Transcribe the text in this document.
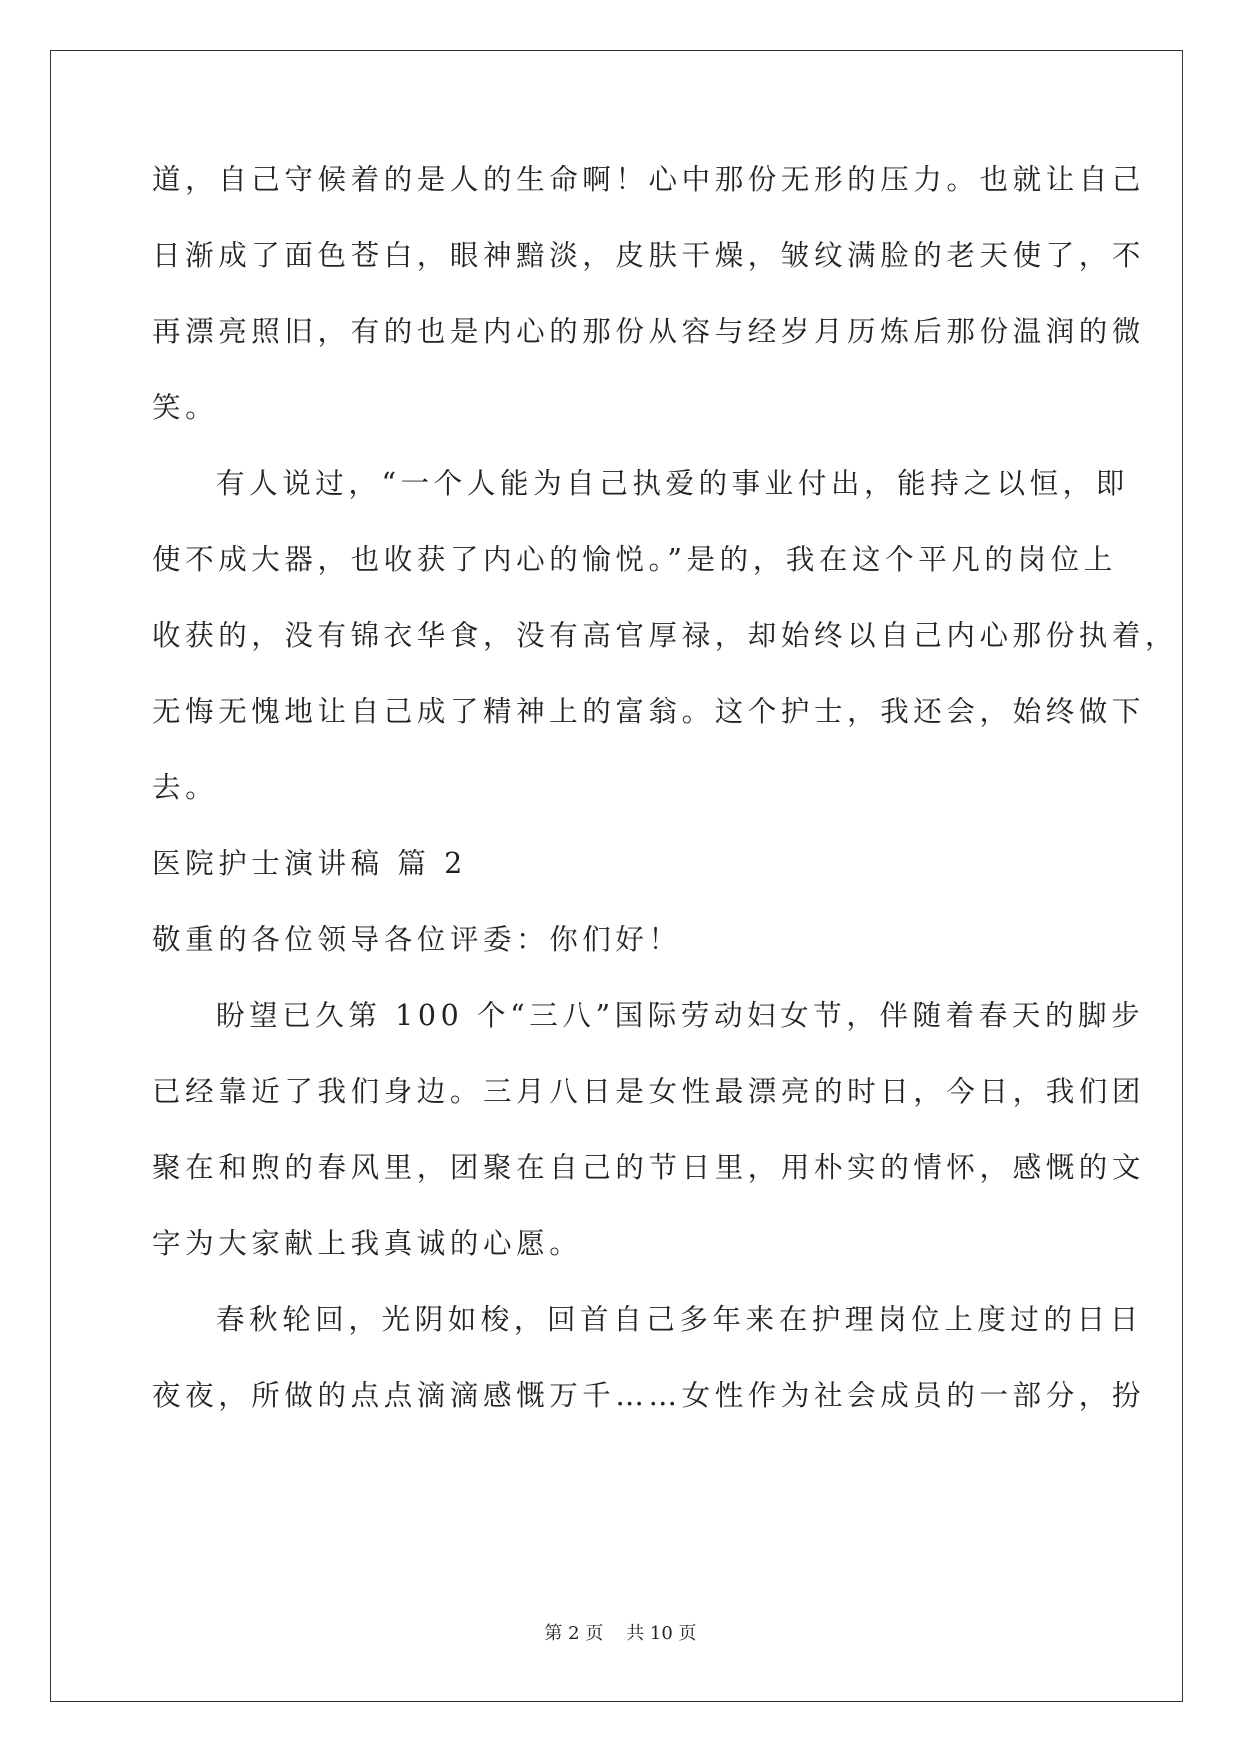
道，自己守候着的是人的生命啊！心中那份无形的压力。也就让自己
日渐成了面色苍白，眼神黯淡，皮肤干燥，皱纹满脸的老天使了，不
再漂亮照旧，有的也是内心的那份从容与经岁月历炼后那份温润的微
笑。
有人说过，“一个人能为自己执爱的事业付出，能持之以恒，即
使不成大器，也收获了内心的愉悦。”是的，我在这个平凡的岗位上
收获的，没有锦衣华食，没有高官厚禄，却始终以自己内心那份执着，
无悔无愧地让自己成了精神上的富翁。这个护士，我还会，始终做下
去。
医院护士演讲稿 篇 2
敬重的各位领导各位评委：你们好！
盼望已久第 100 个“三八”国际劳动妇女节，伴随着春天的脚步
已经靠近了我们身边。三月八日是女性最漂亮的时日，今日，我们团
聚在和煦的春风里，团聚在自己的节日里，用朴实的情怀，感慨的文
字为大家献上我真诚的心愿。
春秋轮回，光阴如梭，回首自己多年来在护理岗位上度过的日日
夜夜，所做的点点滴滴感慨万千……女性作为社会成员的一部分，扮
第 2 页    共 10 页
